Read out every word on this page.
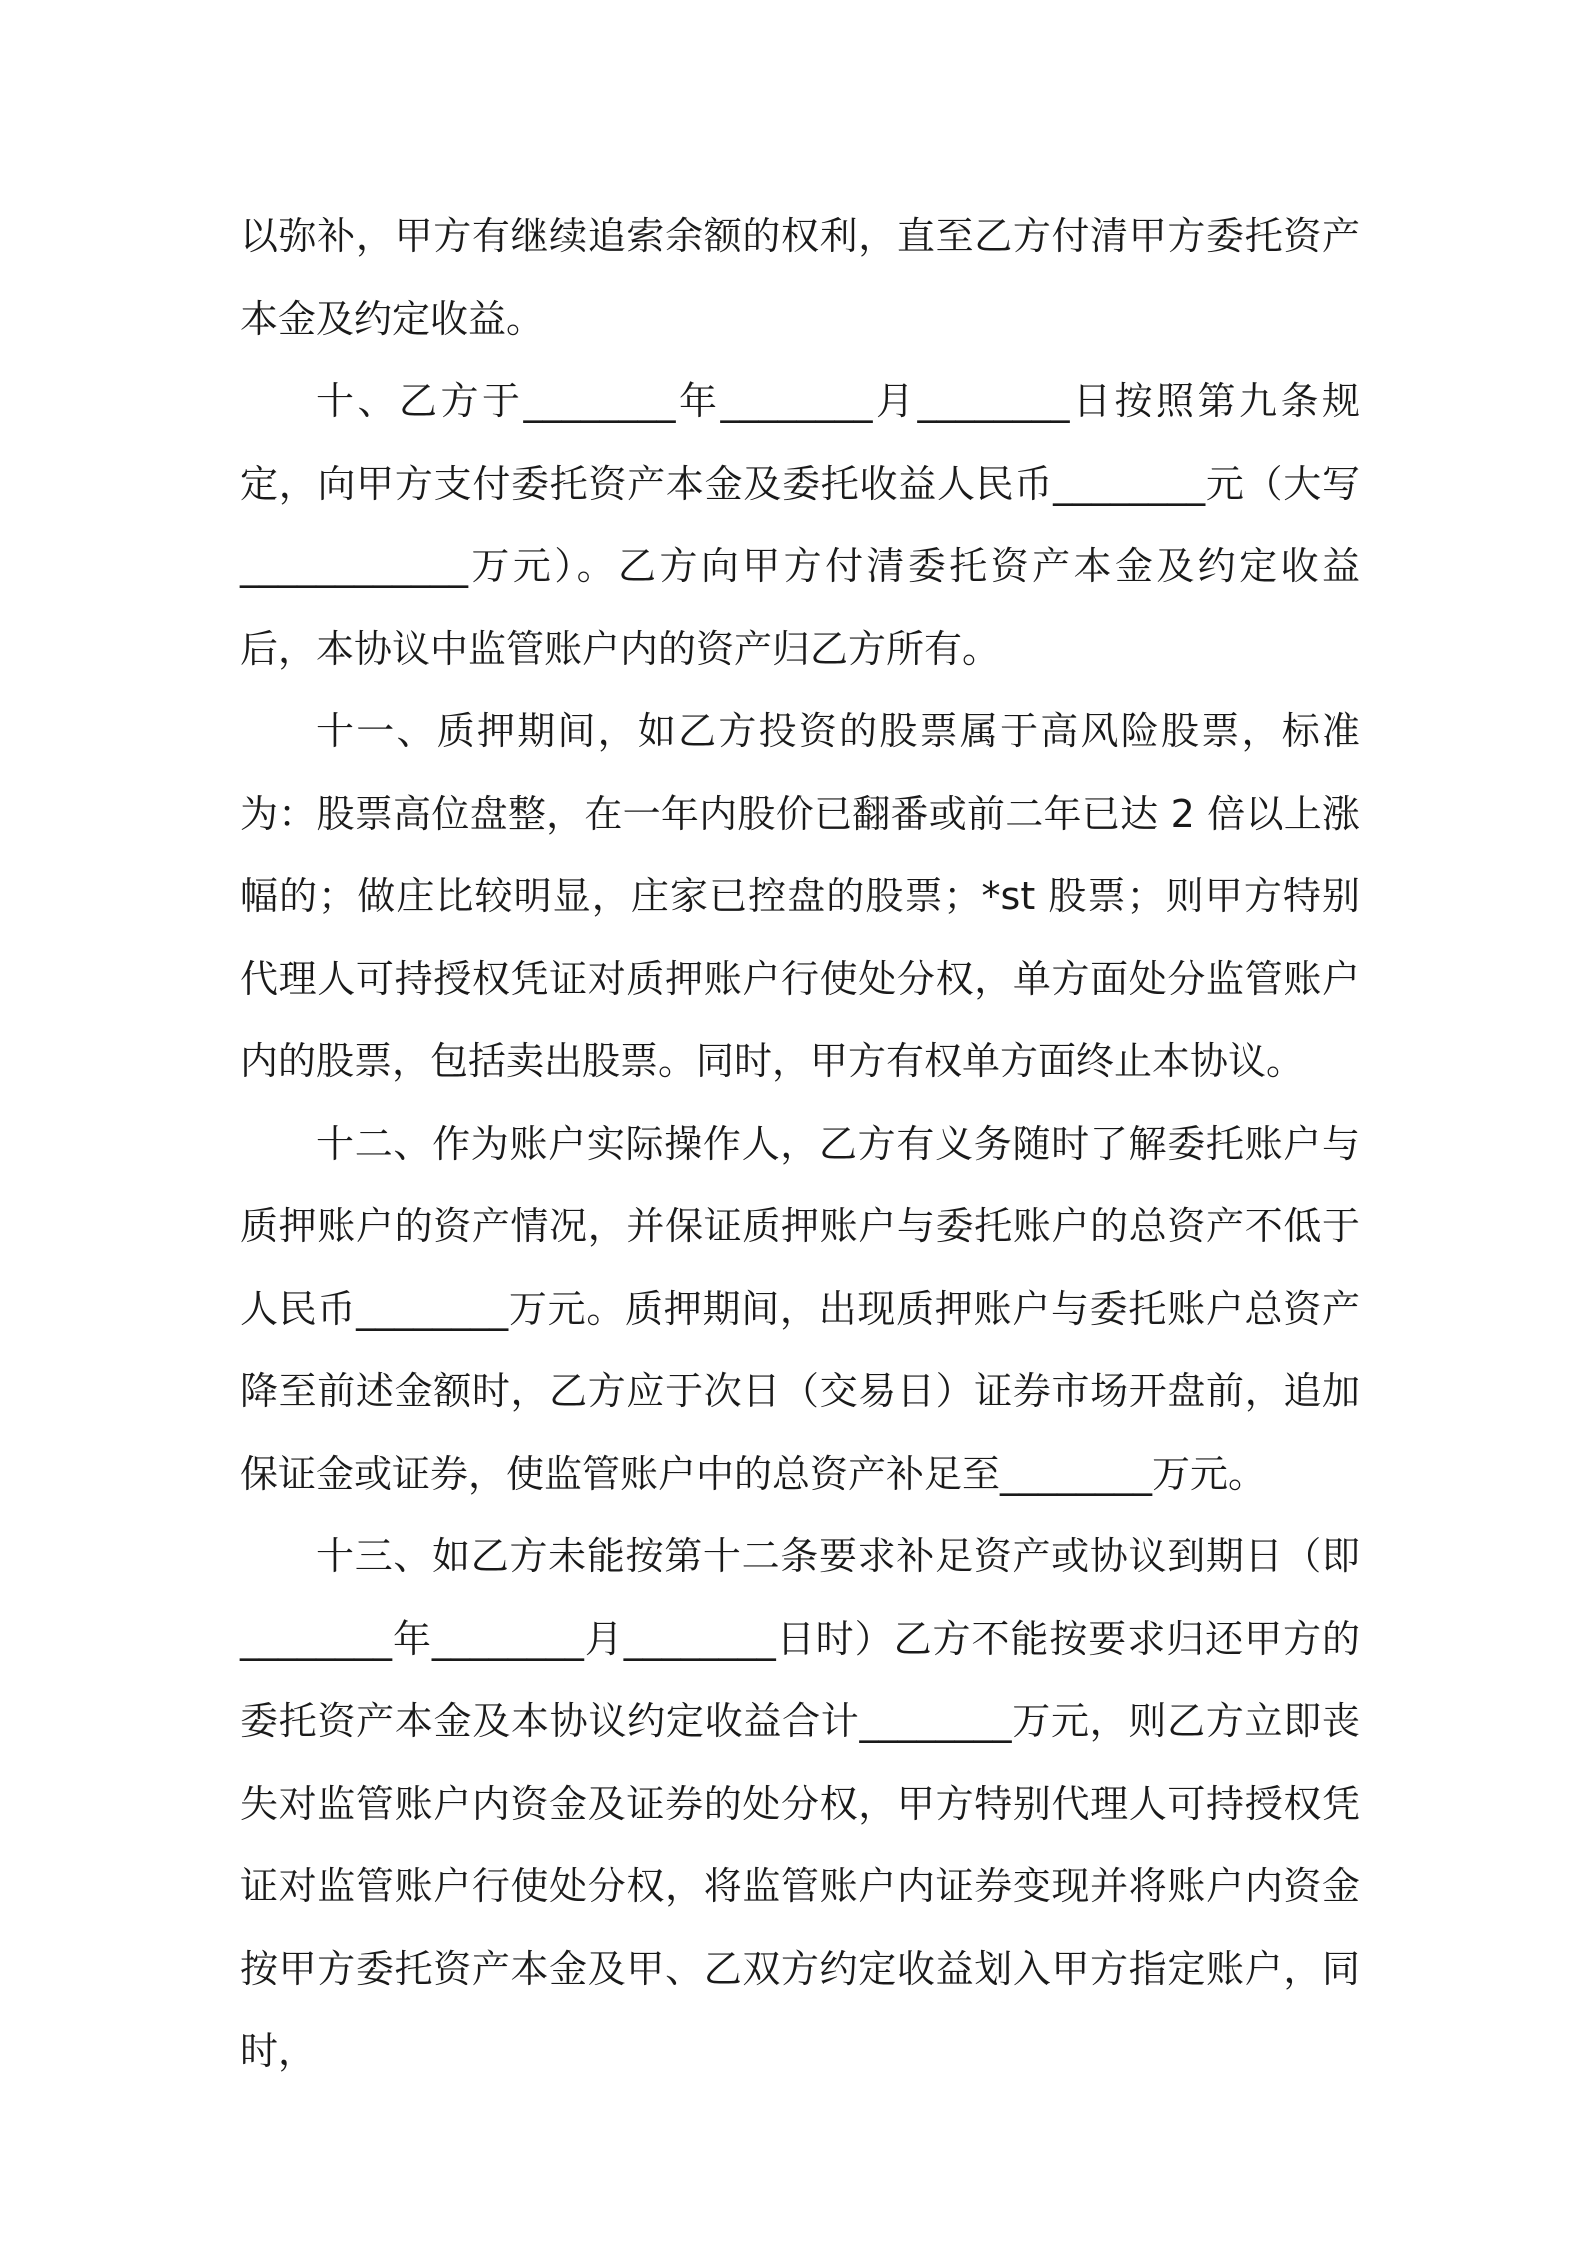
以弥补，甲方有继续追索余额的权利，直至乙方付清甲方委托资产本金及约定收益。

十、乙方于________年________月________日按照第九条规定，向甲方支付委托资产本金及委托收益人民币________元（大写____________万元）。乙方向甲方付清委托资产本金及约定收益后，本协议中监管账户内的资产归乙方所有。

十一、质押期间，如乙方投资的股票属于高风险股票，标准为：股票高位盘整，在一年内股价已翻番或前二年已达 2 倍以上涨幅的；做庄比较明显，庄家已控盘的股票；*st 股票；则甲方特别代理人可持授权凭证对质押账户行使处分权，单方面处分监管账户内的股票，包括卖出股票。同时，甲方有权单方面终止本协议。

十二、作为账户实际操作人，乙方有义务随时了解委托账户与质押账户的资产情况，并保证质押账户与委托账户的总资产不低于人民币________万元。质押期间，出现质押账户与委托账户总资产降至前述金额时，乙方应于次日（交易日）证券市场开盘前，追加保证金或证券，使监管账户中的总资产补足至________万元。

十三、如乙方未能按第十二条要求补足资产或协议到期日（即________年________月________日时）乙方不能按要求归还甲方的委托资产本金及本协议约定收益合计________万元，则乙方立即丧失对监管账户内资金及证券的处分权，甲方特别代理人可持授权凭证对监管账户行使处分权，将监管账户内证券变现并将账户内资金按甲方委托资产本金及甲、乙双方约定收益划入甲方指定账户，同时，
